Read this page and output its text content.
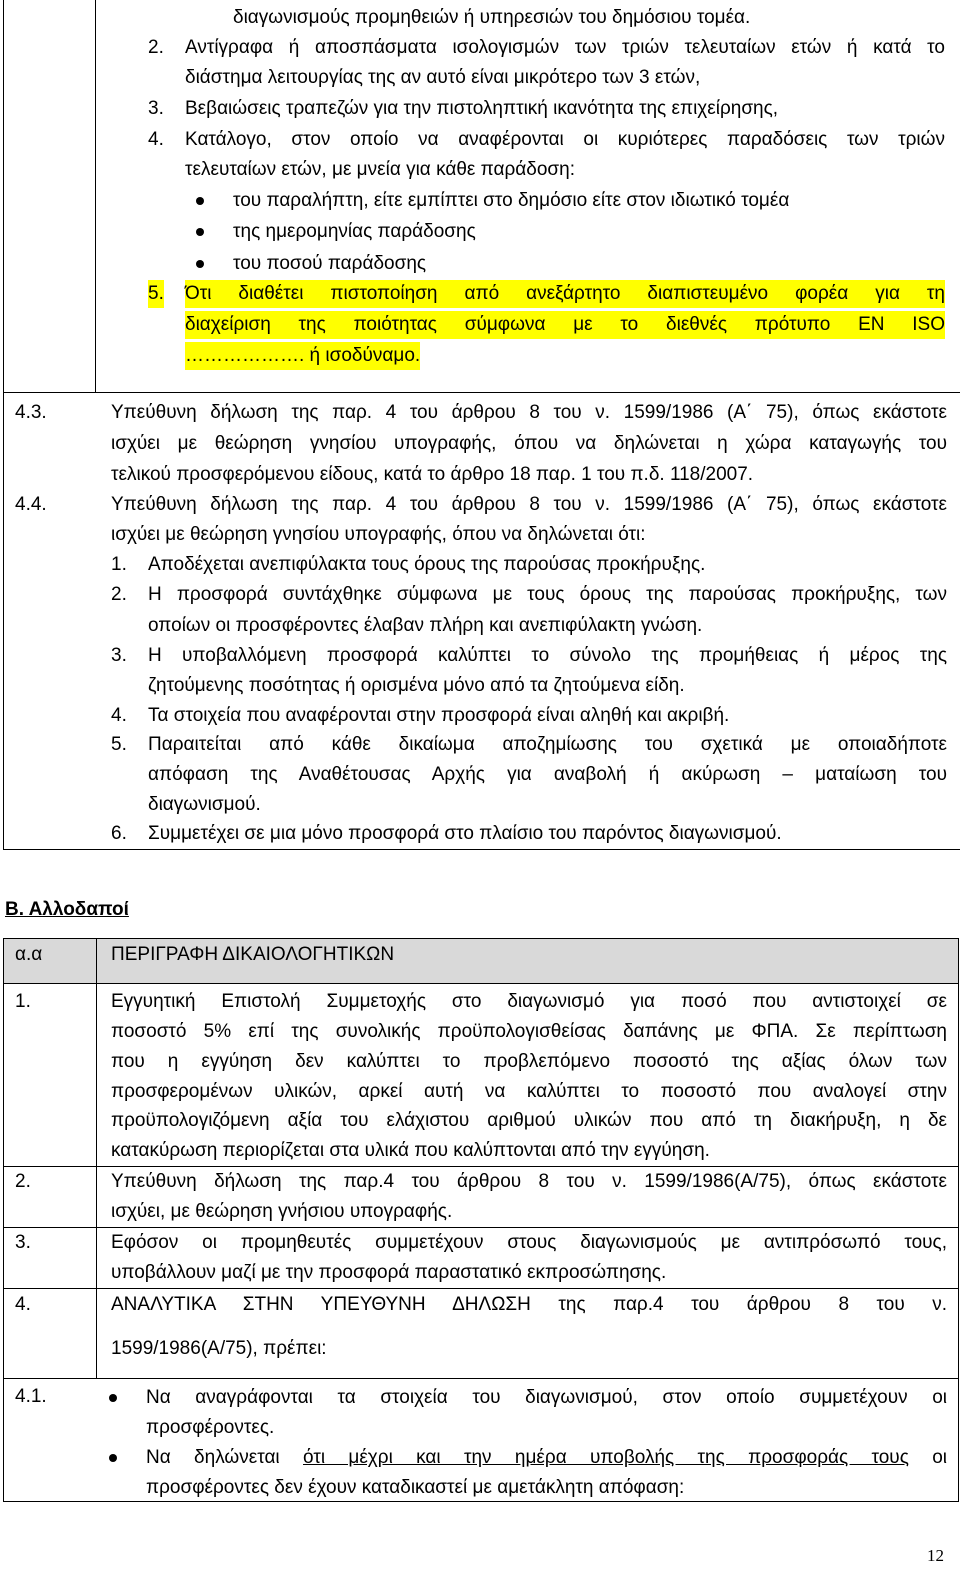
διαγωνισμούς προμηθειών ή υπηρεσιών του δημόσιου τομέα.
2. Αντίγραφα ή αποσπάσματα ισολογισμών των τριών τελευταίων ετών ή κατά το
διάστημα λειτουργίας της αν αυτό είναι μικρότερο των 3 ετών,
3. Βεβαιώσεις τραπεζών για την πιστοληπτική ικανότητα της επιχείρησης,
4. Κατάλογο, στον οποίο να αναφέρονται οι κυριότερες παραδόσεις των τριών
τελευταίων ετών, με μνεία για κάθε παράδοση:
του παραλήπτη, είτε εμπίπτει στο δημόσιο είτε στον ιδιωτικό τομέα
της ημερομηνίας παράδοσης
του ποσού παράδοσης
5. Ότι διαθέτει πιστοποίηση από ανεξάρτητο διαπιστευμένο φορέα για τη
διαχείριση της ποιότητας σύμφωνα με το διεθνές πρότυπο EN ISO
………………. ή ισοδύναμο.
4.3.	Υπεύθυνη δήλωση της παρ. 4 του άρθρου 8 του ν. 1599/1986 (Α΄ 75), όπως εκάστοτε
ισχύει με θεώρηση γνησίου υπογραφής, όπου να δηλώνεται η χώρα καταγωγής του
τελικού προσφερόμενου είδους, κατά το άρθρο 18 παρ. 1 του π.δ. 118/2007.
4.4.	Υπεύθυνη δήλωση της παρ. 4 του άρθρου 8 του ν. 1599/1986 (Α΄ 75), όπως εκάστοτε
ισχύει με θεώρηση γνησίου υπογραφής, όπου να δηλώνεται ότι:
1. Αποδέχεται ανεπιφύλακτα τους όρους της παρούσας προκήρυξης.
2. Η προσφορά συντάχθηκε σύμφωνα με τους όρους της παρούσας προκήρυξης, των
οποίων οι προσφέροντες έλαβαν πλήρη και ανεπιφύλακτη γνώση.
3. Η υποβαλλόμενη προσφορά καλύπτει το σύνολο της προμήθειας ή μέρος της
ζητούμενης ποσότητας ή ορισμένα μόνο από τα ζητούμενα είδη.
4. Τα στοιχεία που αναφέρονται στην προσφορά είναι αληθή και ακριβή.
5. Παραιτείται από κάθε δικαίωμα αποζημίωσης του σχετικά με οποιαδήποτε
απόφαση της Αναθέτουσας Αρχής για αναβολή ή ακύρωση – ματαίωση του
διαγωνισμού.
6. Συμμετέχει σε μια μόνο προσφορά στο πλαίσιο του παρόντος διαγωνισμού.
Β. Αλλοδαποί
α.α	ΠΕΡΙΓΡΑΦΗ ΔΙΚΑΙΟΛΟΓΗΤΙΚΩΝ
1.	Εγγυητική Επιστολή Συμμετοχής στο διαγωνισμό για ποσό που αντιστοιχεί σε
ποσοστό 5% επί της συνολικής προϋπολογισθείσας δαπάνης με ΦΠΑ. Σε περίπτωση
που η εγγύηση δεν καλύπτει το προβλεπόμενο ποσοστό της αξίας όλων των
προσφερομένων υλικών, αρκεί αυτή να καλύπτει το ποσοστό που αναλογεί στην
προϋπολογιζόμενη αξία του ελάχιστου αριθμού υλικών που από τη διακήρυξη, η δε
κατακύρωση περιορίζεται στα υλικά που καλύπτονται από την εγγύηση.
2.	Υπεύθυνη δήλωση της παρ.4 του άρθρου 8 του ν. 1599/1986(Α/75), όπως εκάστοτε
ισχύει, με θεώρηση γνήσιου υπογραφής.
3.	Εφόσον οι προμηθευτές συμμετέχουν στους διαγωνισμούς με αντιπρόσωπό τους,
υποβάλλουν μαζί με την προσφορά παραστατικό εκπροσώπησης.
4.	ΑΝΑΛΥΤΙΚΑ ΣΤΗΝ ΥΠΕΥΘΥΝΗ ΔΗΛΩΣΗ της παρ.4 του άρθρου 8 του ν.
1599/1986(Α/75), πρέπει:
4.1.	Να αναγράφονται τα στοιχεία του διαγωνισμού, στον οποίο συμμετέχουν οι
προσφέροντες.
Να δηλώνεται ότι μέχρι και την ημέρα υποβολής της προσφοράς τους οι
προσφέροντες δεν έχουν καταδικαστεί με αμετάκλητη απόφαση:
12
